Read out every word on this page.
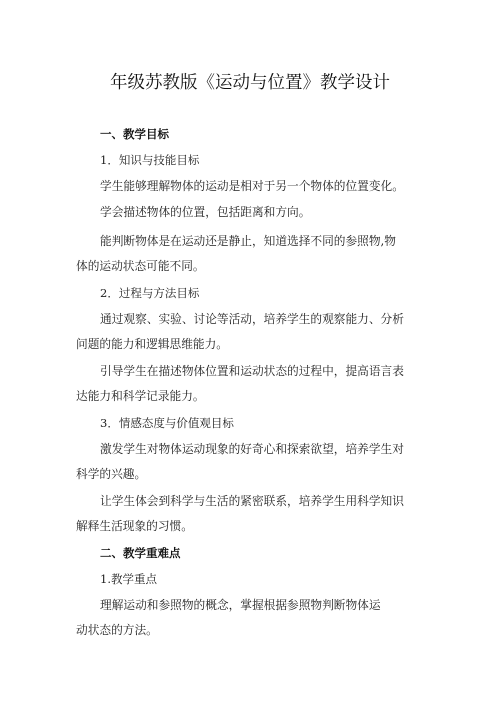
年级苏教版《运动与位置》教学设计
一、教学目标
1．知识与技能目标
学生能够理解物体的运动是相对于另一个物体的位置变化。
学会描述物体的位置，包括距离和方向。
能判断物体是在运动还是静止，知道选择不同的参照物,物
体的运动状态可能不同。
2．过程与方法目标
通过观察、实验、讨论等活动，培养学生的观察能力、分析
问题的能力和逻辑思维能力。
引导学生在描述物体位置和运动状态的过程中，提高语言表
达能力和科学记录能力。
3．情感态度与价值观目标
激发学生对物体运动现象的好奇心和探索欲望，培养学生对
科学的兴趣。
让学生体会到科学与生活的紧密联系，培养学生用科学知识
解释生活现象的习惯。
二、教学重难点
1.教学重点
理解运动和参照物的概念，掌握根据参照物判断物体运
动状态的方法。
